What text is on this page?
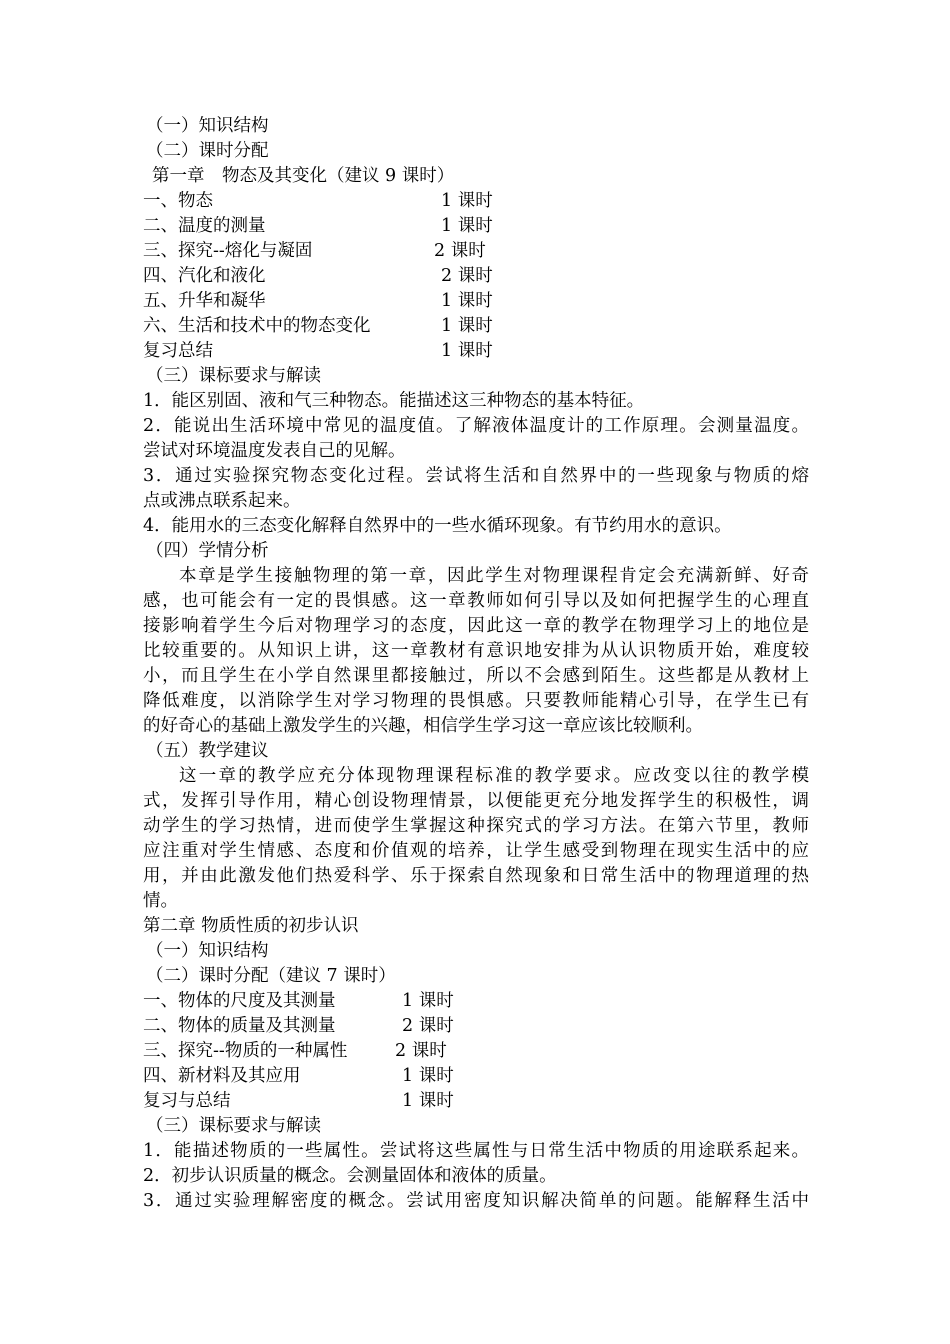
（一）知识结构
（二）课时分配
第一章　物态及其变化（建议 9 课时）
一、物态	1 课时
二、温度的测量	1 课时
三、探究--熔化与凝固	2 课时
四、汽化和液化	2 课时
五、升华和凝华	1 课时
六、生活和技术中的物态变化	1 课时
复习总结	1 课时
（三）课标要求与解读
1．能区别固、液和气三种物态。能描述这三种物态的基本特征。
2．能说出生活环境中常见的温度值。了解液体温度计的工作原理。会测量温度。
尝试对环境温度发表自己的见解。
3．通过实验探究物态变化过程。尝试将生活和自然界中的一些现象与物质的熔
点或沸点联系起来。
4．能用水的三态变化解释自然界中的一些水循环现象。有节约用水的意识。
（四）学情分析
本章是学生接触物理的第一章，因此学生对物理课程肯定会充满新鲜、好奇
感，也可能会有一定的畏惧感。这一章教师如何引导以及如何把握学生的心理直
接影响着学生今后对物理学习的态度，因此这一章的教学在物理学习上的地位是
比较重要的。从知识上讲，这一章教材有意识地安排为从认识物质开始，难度较
小，而且学生在小学自然课里都接触过，所以不会感到陌生。这些都是从教材上
降低难度，以消除学生对学习物理的畏惧感。只要教师能精心引导，在学生已有
的好奇心的基础上激发学生的兴趣，相信学生学习这一章应该比较顺利。
（五）教学建议
这一章的教学应充分体现物理课程标准的教学要求。应改变以往的教学模
式，发挥引导作用，精心创设物理情景，以便能更充分地发挥学生的积极性，调
动学生的学习热情，进而使学生掌握这种探究式的学习方法。在第六节里，教师
应注重对学生情感、态度和价值观的培养，让学生感受到物理在现实生活中的应
用，并由此激发他们热爱科学、乐于探索自然现象和日常生活中的物理道理的热
情。
第二章 物质性质的初步认识
（一）知识结构
（二）课时分配（建议 7 课时）
一、物体的尺度及其测量	1 课时
二、物体的质量及其测量	2 课时
三、探究--物质的一种属性	2 课时
四、新材料及其应用	1 课时
复习与总结	1 课时
（三）课标要求与解读
1．能描述物质的一些属性。尝试将这些属性与日常生活中物质的用途联系起来。
2．初步认识质量的概念。会测量固体和液体的质量。
3．通过实验理解密度的概念。尝试用密度知识解决简单的问题。能解释生活中
